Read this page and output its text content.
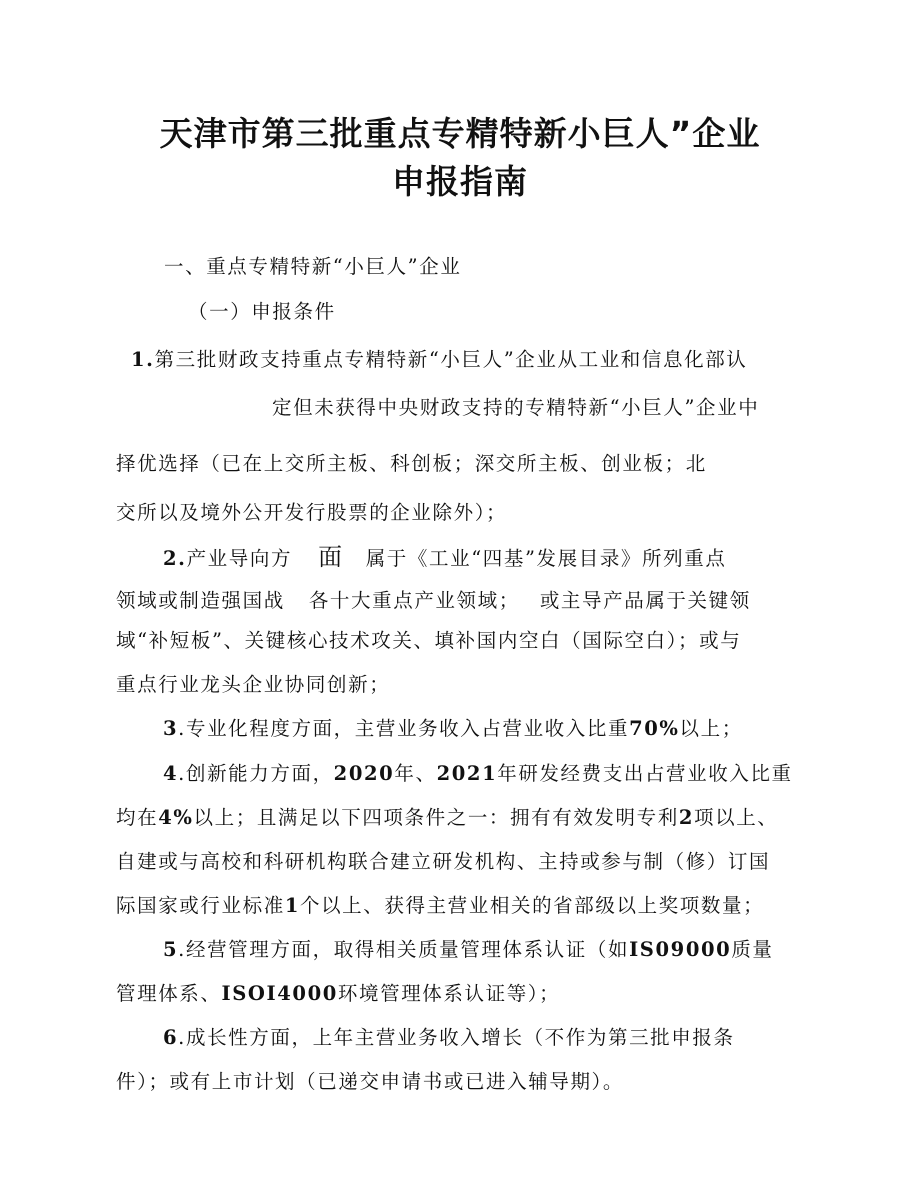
天津市第三批重点专精特新小巨人”企业
申报指南
一、重点专精特新“小巨人”企业
（一）申报条件
1.第三批财政支持重点专精特新“小巨人”企业从工业和信息化部认
定但未获得中央财政支持的专精特新“小巨人”企业中
择优选择（已在上交所主板、科创板；深交所主板、创业板；北
交所以及境外公开发行股票的企业除外）；
2.产业导向方 面 属于《工业“四基”发展目录》所列重点
领域或制造强国战 各十大重点产业领域； 或主导产品属于关键领
域“补短板”、关键核心技术攻关、填补国内空白（国际空白）；或与
重点行业龙头企业协同创新；
3.专业化程度方面，主营业务收入占营业收入比重70%以上；
4.创新能力方面，2020年、2021年研发经费支出占营业收入比重
均在4%以上；且满足以下四项条件之一：拥有有效发明专利2项以上、
自建或与高校和科研机构联合建立研发机构、主持或参与制（修）订国
际国家或行业标准1个以上、获得主营业相关的省部级以上奖项数量；
5.经营管理方面，取得相关质量管理体系认证（如IS09000质量
管理体系、ISOI4000环境管理体系认证等）；
6.成长性方面，上年主营业务收入增长（不作为第三批申报条
件）；或有上市计划（已递交申请书或已进入辅导期）。
